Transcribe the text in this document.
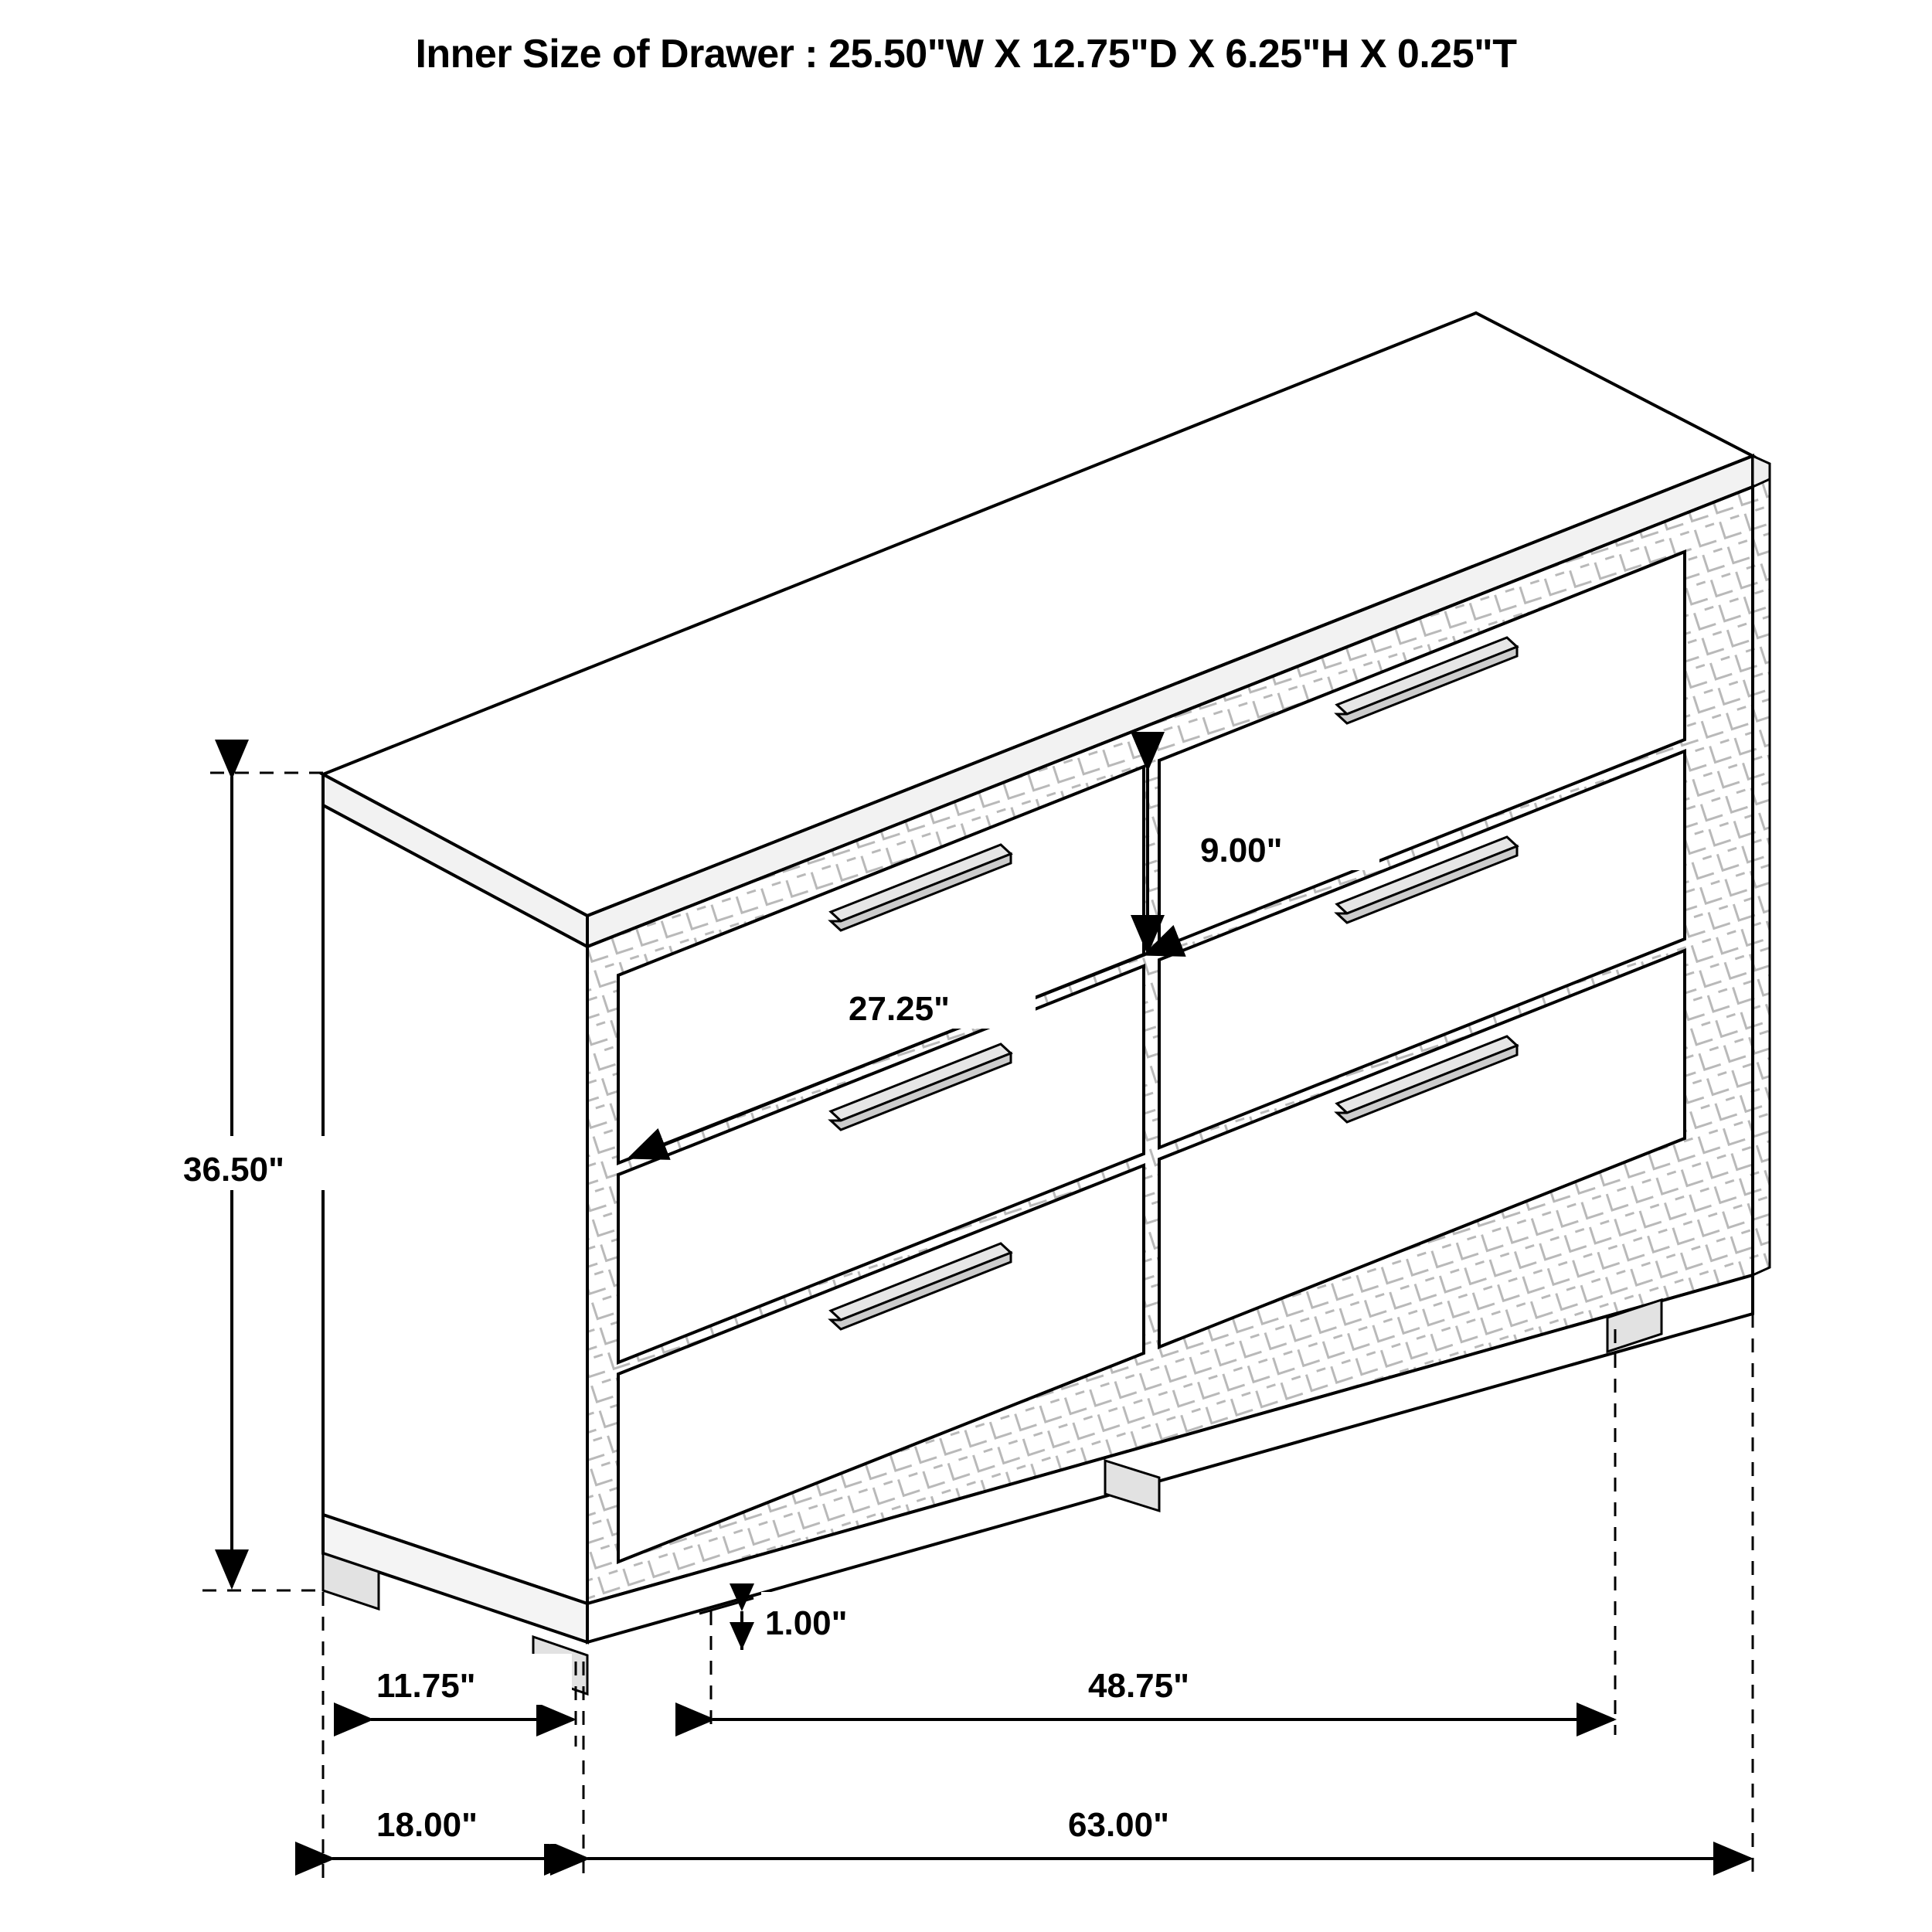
Inner Size of Drawer : 25.50"W X 12.75"D X 6.25"H X 0.25"T
36.50"
9.00"
27.25"
1.00"
11.75"	48.75"
18.00"	63.00"
